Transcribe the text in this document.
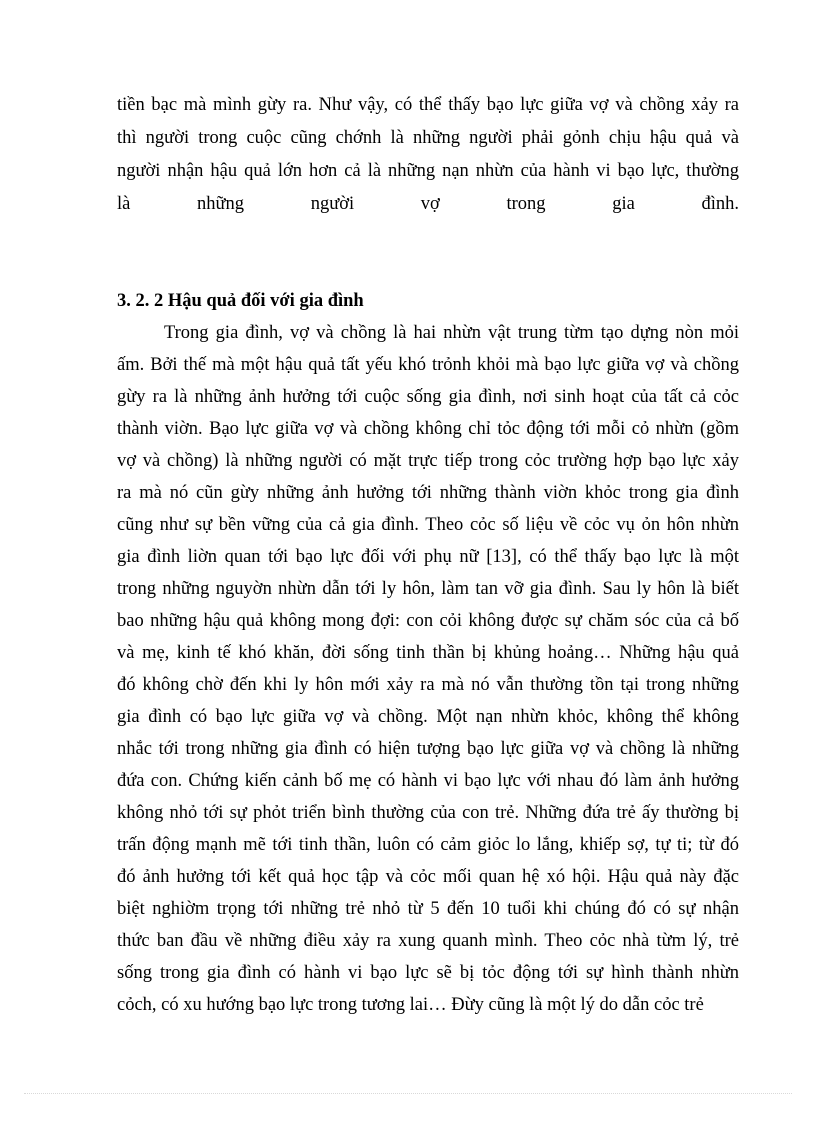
tiền bạc mà mình gừy ra. Như vậy, có thể thấy bạo lực giữa vợ và chồng xảy ra
thì người trong cuộc cũng chớnh là những người phải gỏnh chịu hậu quả và
người nhận hậu quả lớn hơn cả là những nạn nhừn của hành vi bạo lực, thường
là những người vợ trong gia đình.
3. 2. 2 Hậu quả đối với gia đình
Trong gia đình, vợ và chồng là hai nhừn vật trung từm tạo dựng nòn mỏi
ấm. Bởi thế mà một hậu quả tất yếu khó trỏnh khỏi mà bạo lực giữa vợ và chồng
gừy ra là những ảnh hưởng tới cuộc sống gia đình, nơi sinh hoạt của tất cả cỏc
thành viờn. Bạo lực giữa vợ và chồng không chỉ tỏc động tới mỗi cỏ nhừn (gồm
vợ và chồng) là những người có mặt trực tiếp trong cỏc trường hợp bạo lực xảy
ra mà nó cũn gừy những ảnh hưởng tới những thành viờn khỏc trong gia đình
cũng như sự bền vững của cả gia đình. Theo cỏc số liệu về cỏc vụ ỏn hôn nhừn
gia đình liờn quan tới bạo lực đối với phụ nữ [13], có thể thấy bạo lực là một
trong những nguyờn nhừn dẫn tới ly hôn, làm tan vỡ gia đình. Sau ly hôn là biết
bao những hậu quả không mong đợi: con cỏi không được sự chăm sóc của cả bố
và mẹ, kinh tế khó khăn, đời sống tinh thần bị khủng hoảng… Những hậu quả
đó không chờ đến khi ly hôn mới xảy ra mà nó vẫn thường tồn tại trong những
gia đình có bạo lực giữa vợ và chồng. Một nạn nhừn khỏc, không thể không
nhắc tới trong những gia đình có hiện tượng bạo lực giữa vợ và chồng là những
đứa con. Chứng kiến cảnh bố mẹ có hành vi bạo lực với nhau đó làm ảnh hưởng
không nhỏ tới sự phỏt triển bình thường của con trẻ. Những đứa trẻ ấy thường bị
trấn động mạnh mẽ tới tinh thần, luôn có cảm giỏc lo lắng, khiếp sợ, tự ti; từ đó
đó ảnh hưởng tới kết quả học tập và cỏc mối quan hệ xó hội. Hậu quả này đặc
biệt nghiờm trọng tới những trẻ nhỏ từ 5 đến 10 tuổi khi chúng đó có sự nhận
thức ban đầu về những điều xảy ra xung quanh mình. Theo cỏc nhà từm lý, trẻ
sống trong gia đình có hành vi bạo lực sẽ bị tỏc động tới sự hình thành nhừn
cỏch, có xu hướng bạo lực trong tương lai… Đừy cũng là một lý do dẫn cỏc trẻ
